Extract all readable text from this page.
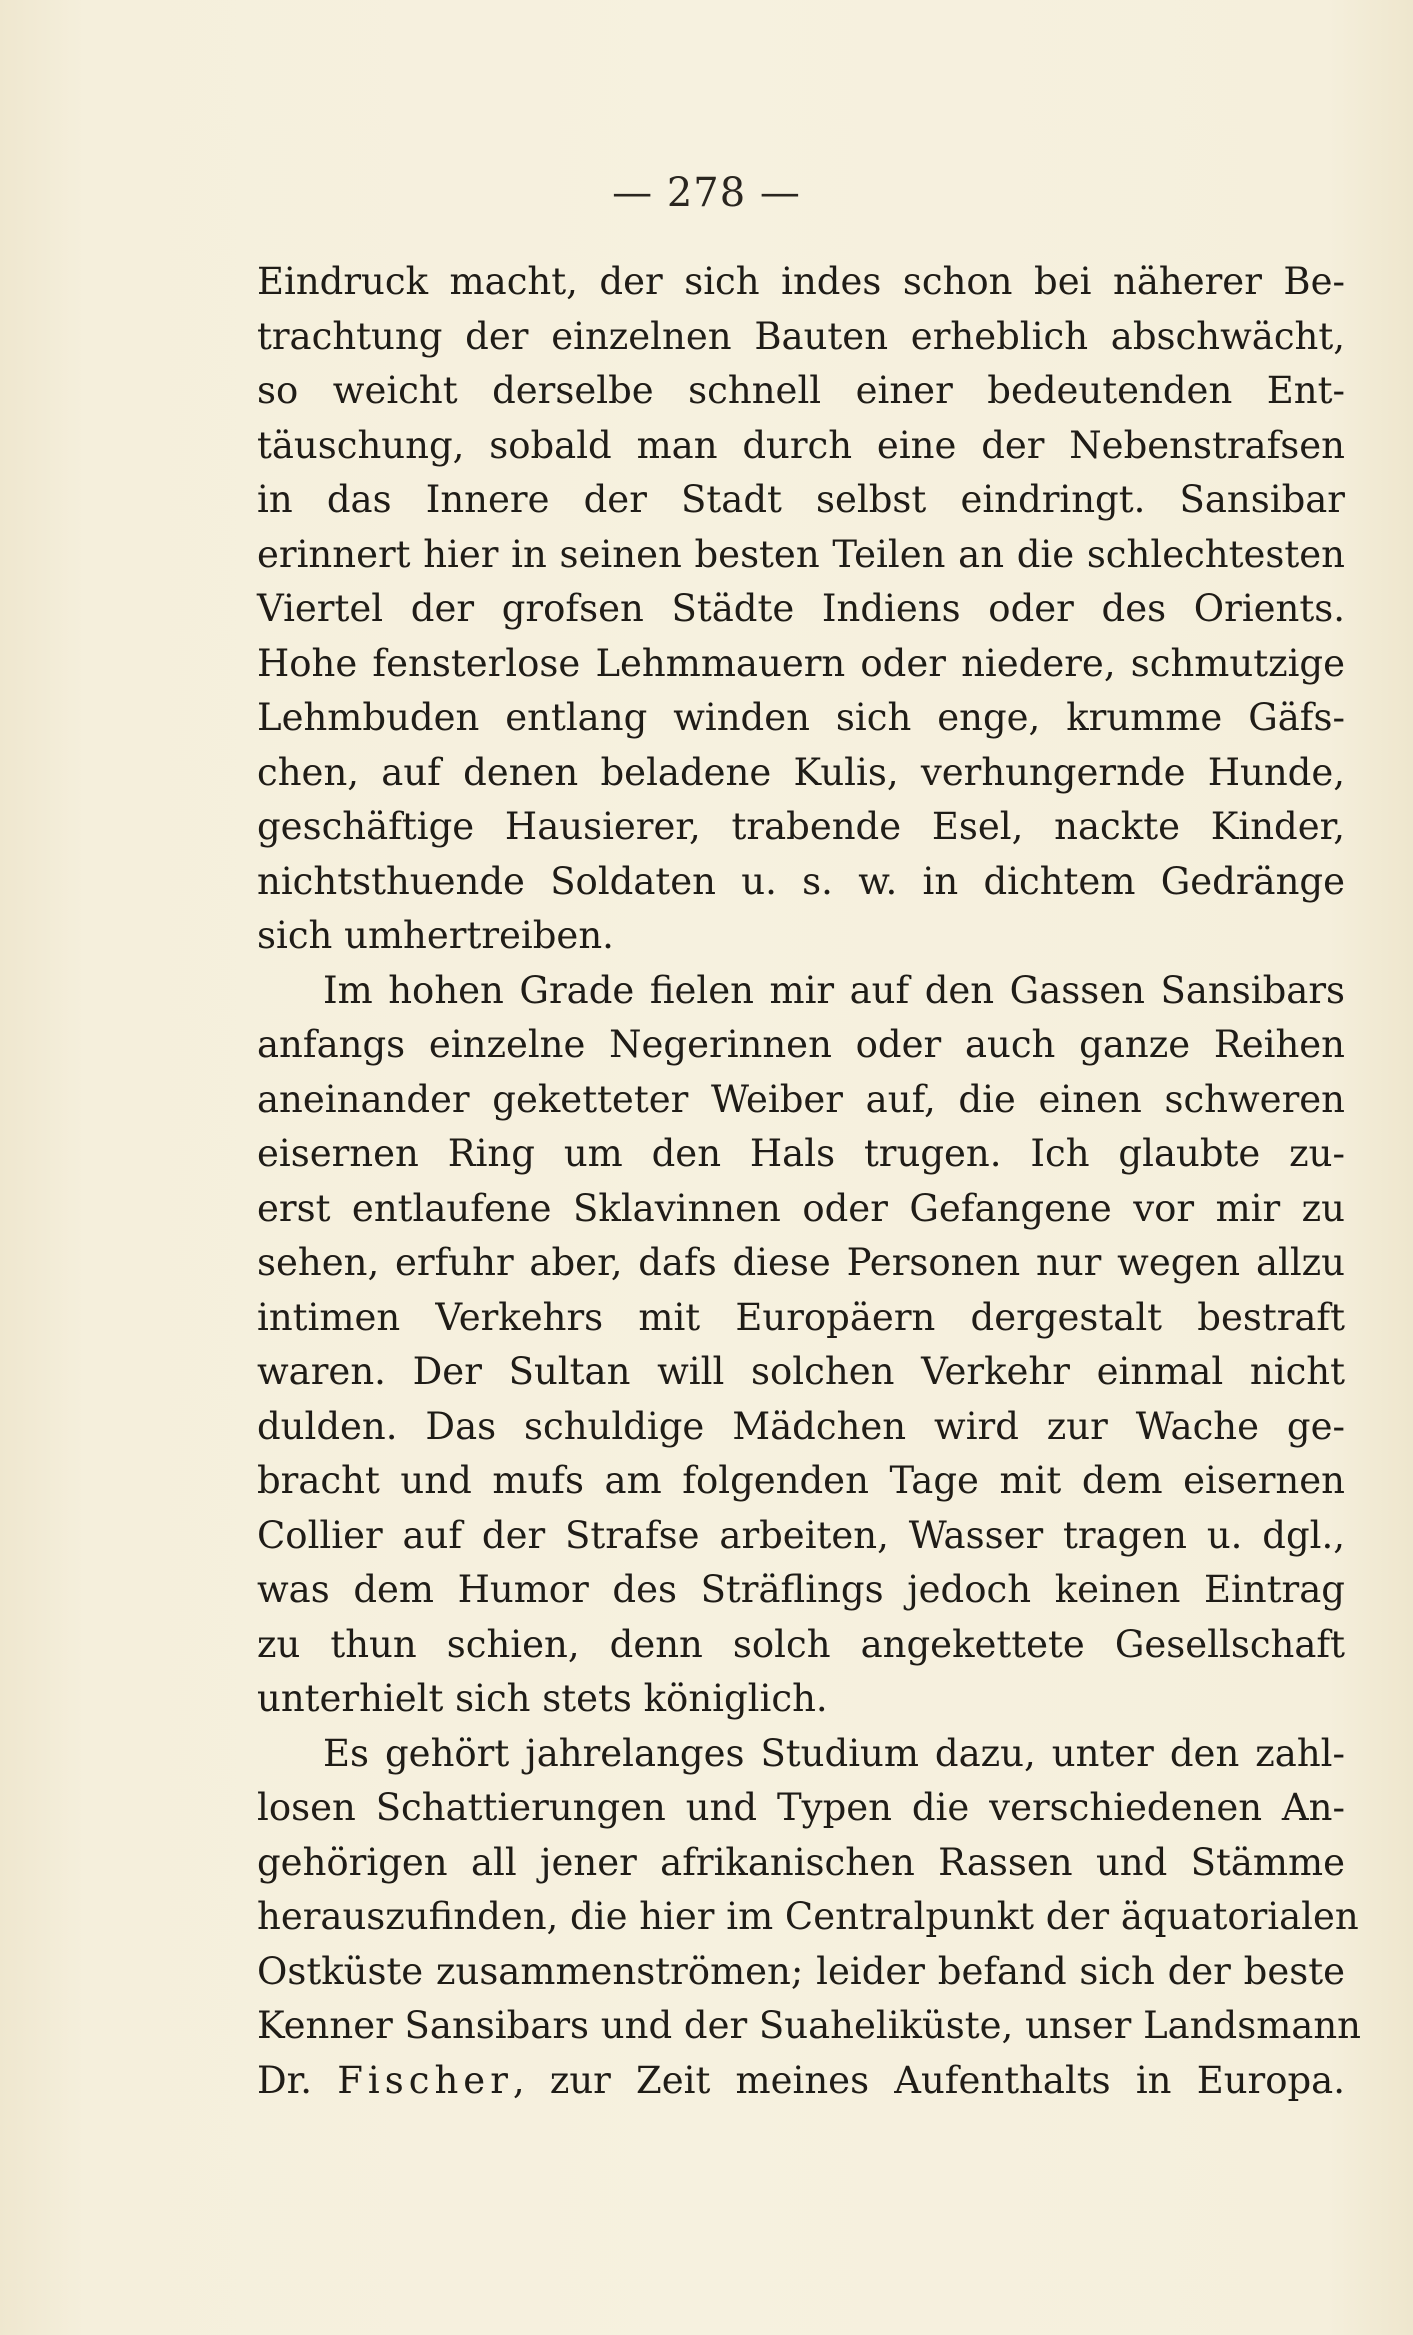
— 278 —
Eindruck macht, der sich indes schon bei näherer Be-
trachtung der einzelnen Bauten erheblich abschwächt,
so weicht derselbe schnell einer bedeutenden Ent-
täuschung, sobald man durch eine der Nebenstrafsen
in das Innere der Stadt selbst eindringt. Sansibar
erinnert hier in seinen besten Teilen an die schlechtesten
Viertel der grofsen Städte Indiens oder des Orients.
Hohe fensterlose Lehmmauern oder niedere, schmutzige
Lehmbuden entlang winden sich enge, krumme Gäfs-
chen, auf denen beladene Kulis, verhungernde Hunde,
geschäftige Hausierer, trabende Esel, nackte Kinder,
nichtsthuende Soldaten u. s. w. in dichtem Gedränge
sich umhertreiben.
Im hohen Grade fielen mir auf den Gassen Sansibars
anfangs einzelne Negerinnen oder auch ganze Reihen
aneinander geketteter Weiber auf, die einen schweren
eisernen Ring um den Hals trugen. Ich glaubte zu-
erst entlaufene Sklavinnen oder Gefangene vor mir zu
sehen, erfuhr aber, dafs diese Personen nur wegen allzu
intimen Verkehrs mit Europäern dergestalt bestraft
waren. Der Sultan will solchen Verkehr einmal nicht
dulden. Das schuldige Mädchen wird zur Wache ge-
bracht und mufs am folgenden Tage mit dem eisernen
Collier auf der Strafse arbeiten, Wasser tragen u. dgl.,
was dem Humor des Sträflings jedoch keinen Eintrag
zu thun schien, denn solch angekettete Gesellschaft
unterhielt sich stets königlich.
Es gehört jahrelanges Studium dazu, unter den zahl-
losen Schattierungen und Typen die verschiedenen An-
gehörigen all jener afrikanischen Rassen und Stämme
herauszufinden, die hier im Centralpunkt der äquatorialen
Ostküste zusammenströmen; leider befand sich der beste
Kenner Sansibars und der Suaheliküste, unser Landsmann
Dr. Fischer, zur Zeit meines Aufenthalts in Europa.
